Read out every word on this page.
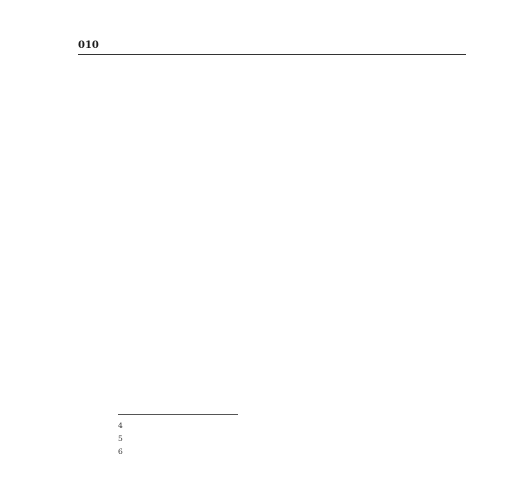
010

4
5
6
